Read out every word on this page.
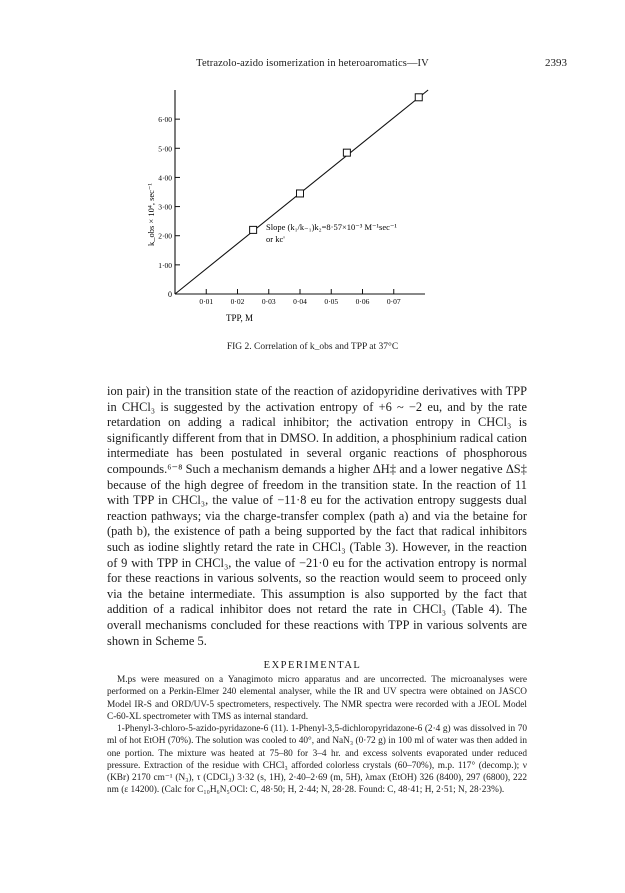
Tetrazolo-azido isomerization in heteroaromatics—IV	2393
1·00
2·00
3·00
4·00
5·00
6·00
0·01 0·02 0·03 0·04 0·05 0·06 0·07
k_obs × 10⁴, sec⁻¹
TPP, M
0
Slope (k₁/k₋₁)k₂=8·57×10⁻³ M⁻¹sec⁻¹
or kc'
FIG 2. Correlation of k_obs and TPP at 37°C

ion pair) in the transition state of the reaction of azidopyridine derivatives with TPP in CHCl₃ is suggested by the activation entropy of +6 ~ −2 eu, and by the rate retardation on adding a radical inhibitor; the activation entropy in CHCl₃ is significantly different from that in DMSO. In addition, a phosphinium radical cation intermediate has been postulated in several organic reactions of phosphorous compounds.⁶⁻⁸ Such a mechanism demands a higher ΔH‡ and a lower negative ΔS‡ because of the high degree of freedom in the transition state. In the reaction of 11 with TPP in CHCl₃, the value of −11·8 eu for the activation entropy suggests dual reaction pathways; via the charge-transfer complex (path a) and via the betaine for (path b), the existence of path a being supported by the fact that radical inhibitors such as iodine slightly retard the rate in CHCl₃ (Table 3). However, in the reaction of 9 with TPP in CHCl₃, the value of −21·0 eu for the activation entropy is normal for these reactions in various solvents, so the reaction would seem to proceed only via the betaine intermediate. This assumption is also supported by the fact that addition of a radical inhibitor does not retard the rate in CHCl₃ (Table 4). The overall mechanisms concluded for these reactions with TPP in various solvents are shown in Scheme 5.

EXPERIMENTAL

M.ps were measured on a Yanagimoto micro apparatus and are uncorrected. The microanalyses were performed on a Perkin-Elmer 240 elemental analyser, while the IR and UV spectra were obtained on JASCO Model IR-S and ORD/UV-5 spectrometers, respectively. The NMR spectra were recorded with a JEOL Model C-60-XL spectrometer with TMS as internal standard.

1-Phenyl-3-chloro-5-azido-pyridazone-6 (11). 1-Phenyl-3,5-dichloropyridazone-6 (2·4 g) was dissolved in 70 ml of hot EtOH (70%). The solution was cooled to 40°, and NaN₃ (0·72 g) in 100 ml of water was then added in one portion. The mixture was heated at 75–80 for 3–4 hr. and excess solvents evaporated under reduced pressure. Extraction of the residue with CHCl₃ afforded colorless crystals (60–70%), m.p. 117° (decomp.); ν (KBr) 2170 cm⁻¹ (N₃), τ (CDCl₃) 3·32 (s, 1H), 2·40–2·69 (m, 5H), λmax (EtOH) 326 (8400), 297 (6800), 222 nm (ε 14200). (Calc for C₁₀H₆N₅OCl: C, 48·50; H, 2·44; N, 28·28. Found: C, 48·41; H, 2·51; N, 28·23%).
